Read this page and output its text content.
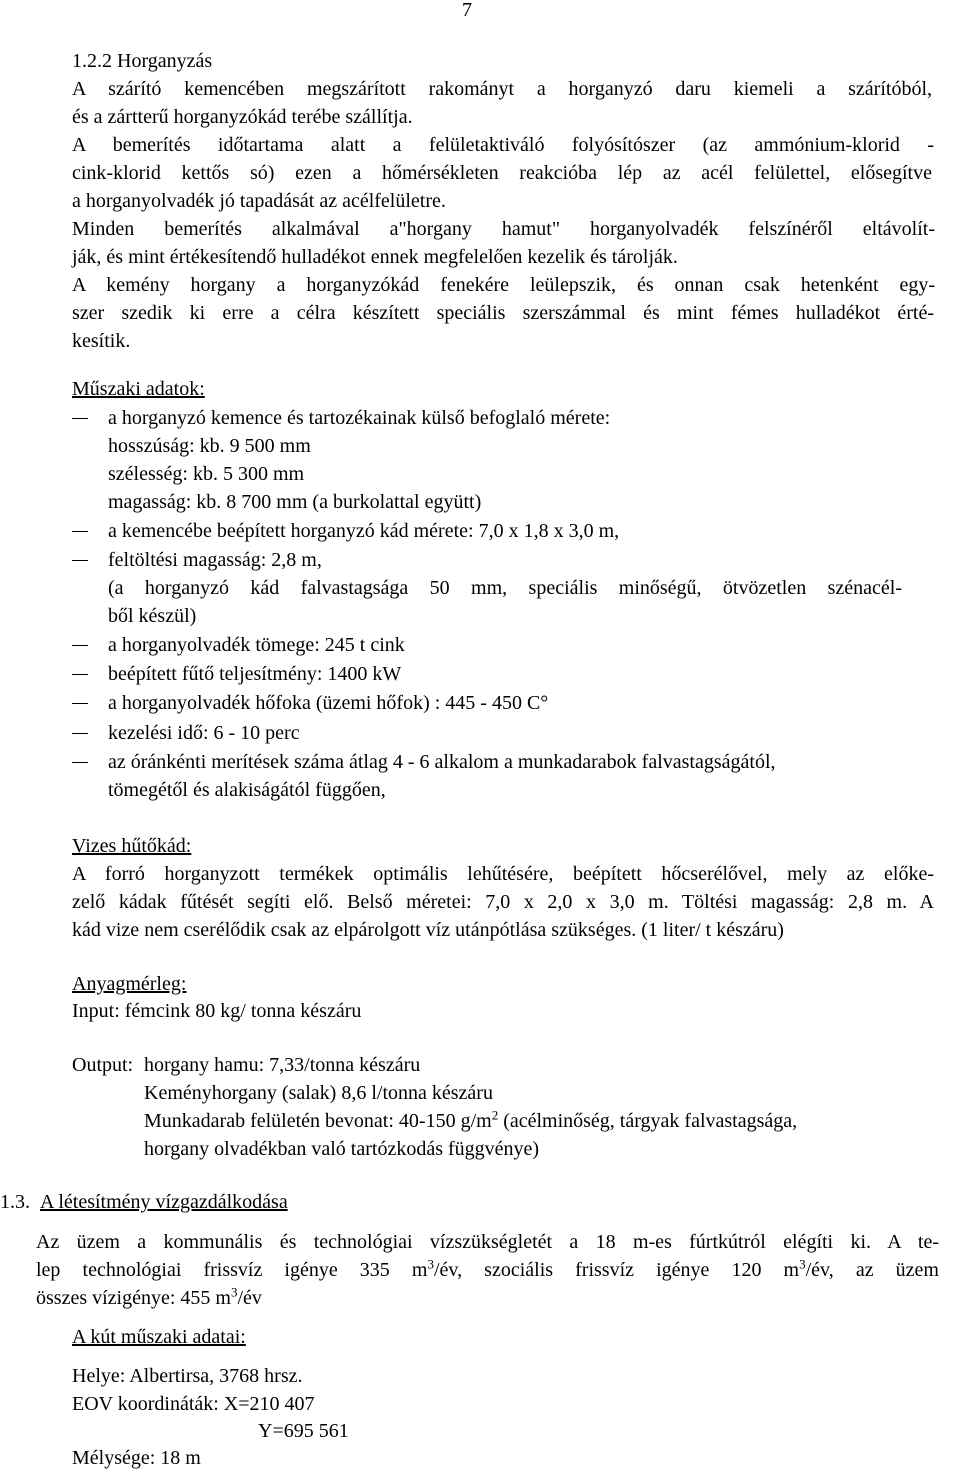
7
1.2.2 Horganyzás
A szárító kemencében megszárított rakományt a horganyzó daru kiemeli a szárítóból,
és a zártterű horganyzókád terébe szállítja.
A bemerítés időtartama alatt a felületaktiváló folyósítószer (az ammónium-klorid -
cink-klorid kettős só) ezen a hőmérsékleten reakcióba lép az acél felülettel, elősegítve
a horganyolvadék jó tapadását az acélfelületre.
Minden bemerítés alkalmával a"horgany hamut" horganyolvadék felszínéről eltávolít-
ják, és mint értékesítendő hulladékot ennek megfelelően kezelik és tárolják.
A kemény horgany a horganyzókád fenekére leülepszik, és onnan csak hetenként egy-
szer szedik ki erre a célra készített speciális szerszámmal és mint fémes hulladékot érté-
kesítik.
Műszaki adatok:
a horganyzó kemence és tartozékainak külső befoglaló mérete:
hosszúság: kb. 9 500 mm
szélesség: kb. 5 300 mm
magasság: kb. 8 700 mm (a burkolattal együtt)
a kemencébe beépített horganyzó kád mérete: 7,0 x 1,8 x 3,0 m,
feltöltési magasság: 2,8 m,
(a horganyzó kád falvastagsága 50 mm, speciális minőségű, ötvözetlen szénacél-
ből készül)
a horganyolvadék tömege: 245 t cink
beépített fűtő teljesítmény: 1400 kW
a horganyolvadék hőfoka (üzemi hőfok) : 445 - 450 C°
kezelési idő: 6 - 10 perc
az óránkénti merítések száma átlag 4 - 6 alkalom a munkadarabok falvastagságától,
tömegétől és alakiságától függően,
Vizes hűtőkád:
A forró horganyzott termékek optimális lehűtésére, beépített hőcserélővel, mely az előke-
zelő kádak fűtését segíti elő. Belső méretei: 7,0 x 2,0 x 3,0 m. Töltési magasság: 2,8 m. A
kád vize nem cserélődik csak az elpárolgott víz utánpótlása szükséges. (1 liter/ t készáru)
Anyagmérleg:
Input: fémcink 80 kg/ tonna készáru
Output: horgany hamu: 7,33/tonna készáru
Keményhorgany (salak) 8,6 l/tonna készáru
Munkadarab felületén bevonat: 40-150 $g/m^2$ (acélminőség, tárgyak falvastagsága,
horgany olvadékban való tartózkodás függvénye)
1.3. A létesítmény vízgazdálkodása
Az üzem a kommunális és technológiai vízszükségletét a 18 m-es fúrtkútról elégíti ki. A te-
lep technológiai frissvíz igénye 335 $m^3/év$, szociális frissvíz igénye 120 $m^3/év$, az üzem
összes vízigénye: 455 $m^3/év$
A kút műszaki adatai:
Helye: Albertirsa, 3768 hrsz.
EOV koordináták: X=210 407
Y=695 561
Mélysége: 18 m
